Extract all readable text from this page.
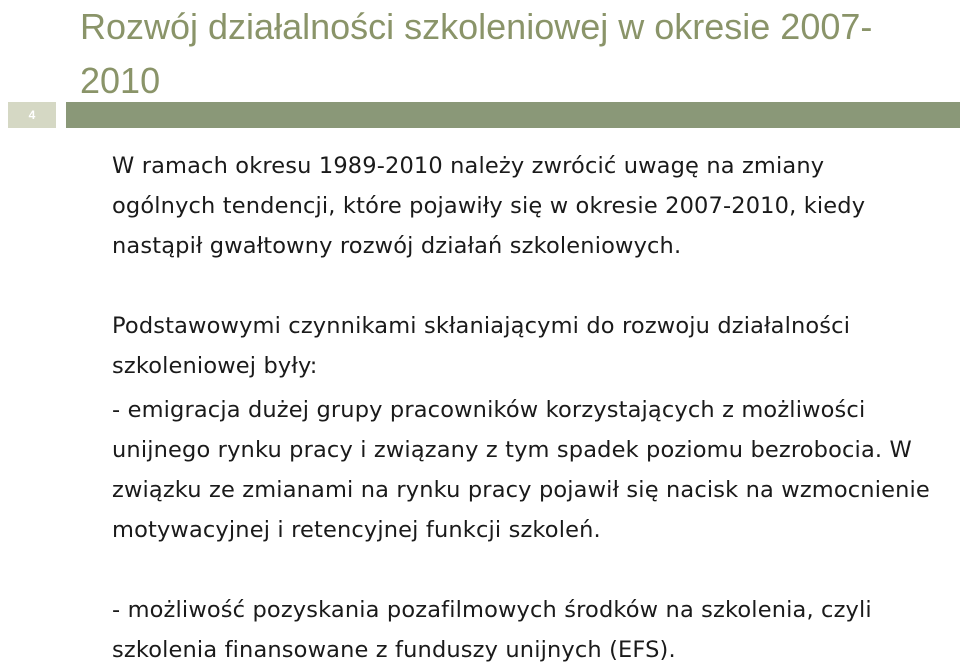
Rozwój działalności szkoleniowej w okresie 2007-2010
4

W ramach okresu 1989-2010 należy zwrócić uwagę na zmiany ogólnych tendencji, które pojawiły się w okresie 2007-2010, kiedy nastąpił gwałtowny rozwój działań szkoleniowych.

Podstawowymi czynnikami skłaniającymi do rozwoju działalności szkoleniowej były:

- emigracja dużej grupy pracowników korzystających z możliwości unijnego rynku pracy i związany z tym spadek poziomu bezrobocia. W związku ze zmianami na rynku pracy pojawił się nacisk na wzmocnienie motywacyjnej i retencyjnej funkcji szkoleń.

- możliwość pozyskania pozafilmowych środków na szkolenia, czyli szkolenia finansowane z funduszy unijnych (EFS).
